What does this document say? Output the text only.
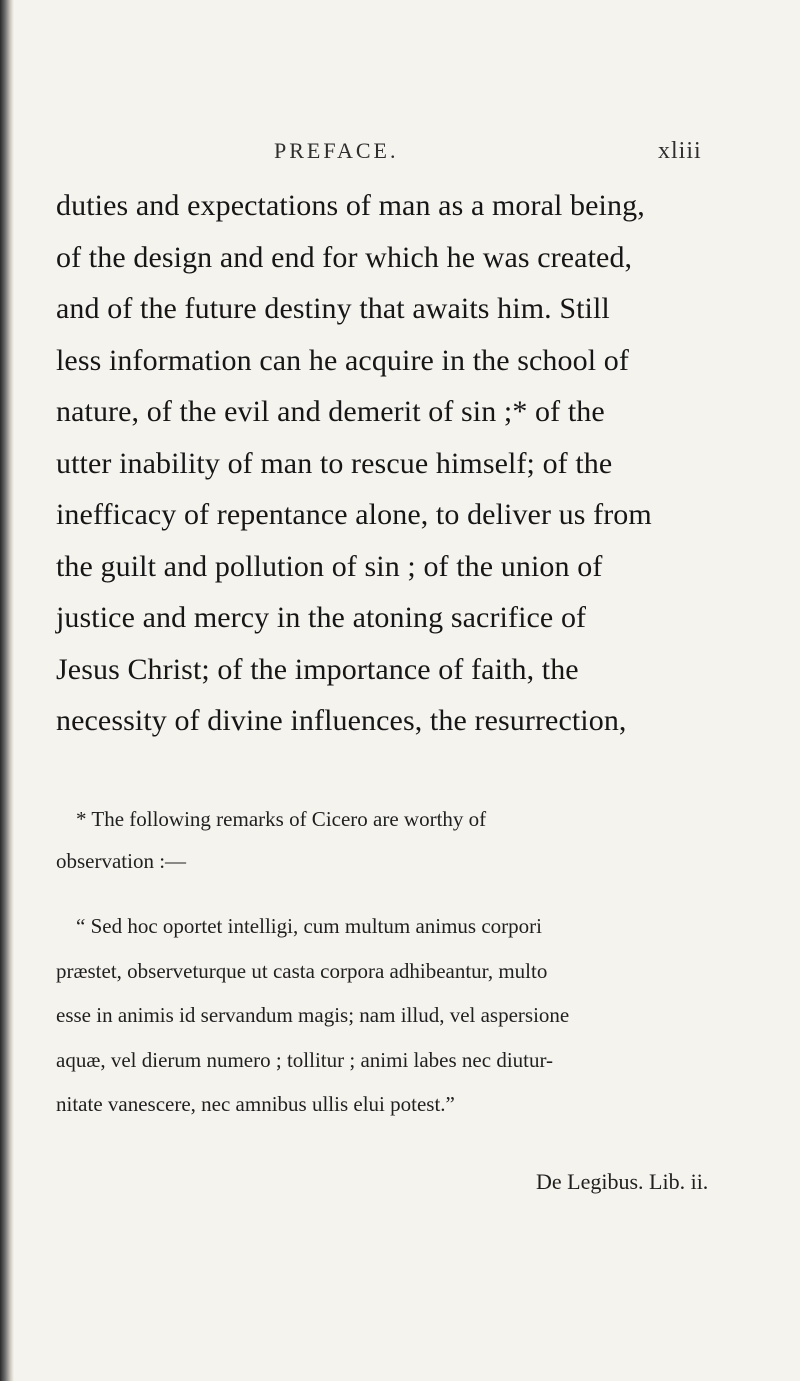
PREFACE.	xliii
duties and expectations of man as a moral being,
of the design and end for which he was created,
and of the future destiny that awaits him. Still
less information can he acquire in the school of
nature, of the evil and demerit of sin ;* of the
utter inability of man to rescue himself; of the
inefficacy of repentance alone, to deliver us from
the guilt and pollution of sin ; of the union of
justice and mercy in the atoning sacrifice of
Jesus Christ; of the importance of faith, the
necessity of divine influences, the resurrection,
* The following remarks of Cicero are worthy of
observation :—
“ Sed hoc oportet intelligi, cum multum animus corpori
præstet, observeturque ut casta corpora adhibeantur, multo
esse in animis id servandum magis; nam illud, vel aspersione
aquæ, vel dierum numero ; tollitur ; animi labes nec diutur-
nitate vanescere, nec amnibus ullis elui potest.”
De Legibus. Lib. ii.
